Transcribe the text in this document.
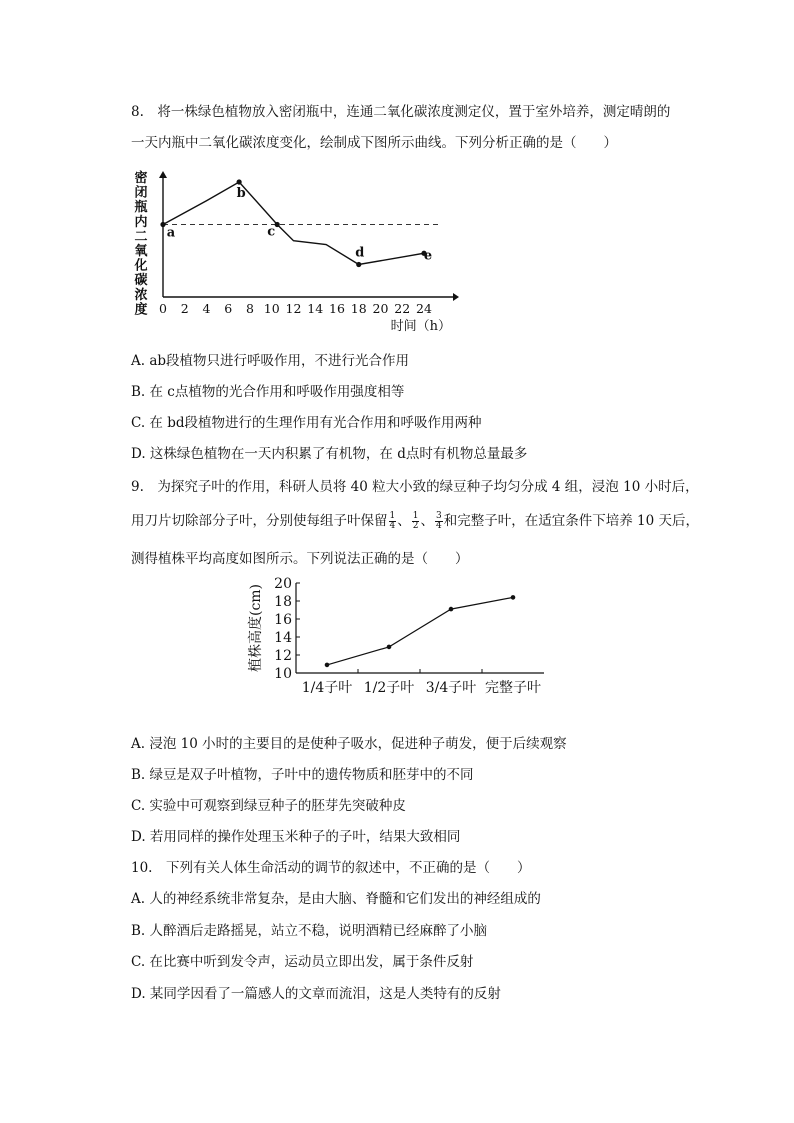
8.　将一株绿色植物放入密闭瓶中，连通二氧化碳浓度测定仪，置于室外培养，测定晴朗的
一天内瓶中二氧化碳浓度变化，绘制成下图所示曲线。下列分析正确的是（　　）
密
闭
瓶
内
二
氧
化
碳
浓
度 0 2 4 6 8 10 12 14 16 18 20 22 24
时间（h）
a
b
c
d	e
A. ab段植物只进行呼吸作用，不进行光合作用
B. 在 c点植物的光合作用和呼吸作用强度相等
C. 在 bd段植物进行的生理作用有光合作用和呼吸作用两种
D. 这株绿色植物在一天内积累了有机物，在 d点时有机物总量最多
9.　为探究子叶的作用，科研人员将 40 粒大小致的绿豆种子均匀分成 4 组，浸泡 10 小时后，
用刀片切除部分子叶，分别使每组子叶保留 $\frac{1}{4}$ 、 $\frac{1}{2}$ 、 $\frac{3}{4}$ 和完整子叶，在适宜条件下培养 10 天后，
测得植株平均高度如图所示。下列说法正确的是（　　）
10
12
14
16
18
20
1/4子叶 1/2子叶 3/4子叶 完整子叶
植株高度(cm)
A. 浸泡 10 小时的主要目的是使种子吸水，促进种子萌发，便于后续观察
B. 绿豆是双子叶植物，子叶中的遗传物质和胚芽中的不同
C. 实验中可观察到绿豆种子的胚芽先突破种皮
D. 若用同样的操作处理玉米种子的子叶，结果大致相同
10.　下列有关人体生命活动的调节的叙述中，不正确的是（　　）
A. 人的神经系统非常复杂，是由大脑、脊髓和它们发出的神经组成的
B. 人醉酒后走路摇晃，站立不稳，说明酒精已经麻醉了小脑
C. 在比赛中听到发令声，运动员立即出发，属于条件反射
D. 某同学因看了一篇感人的文章而流泪，这是人类特有的反射
